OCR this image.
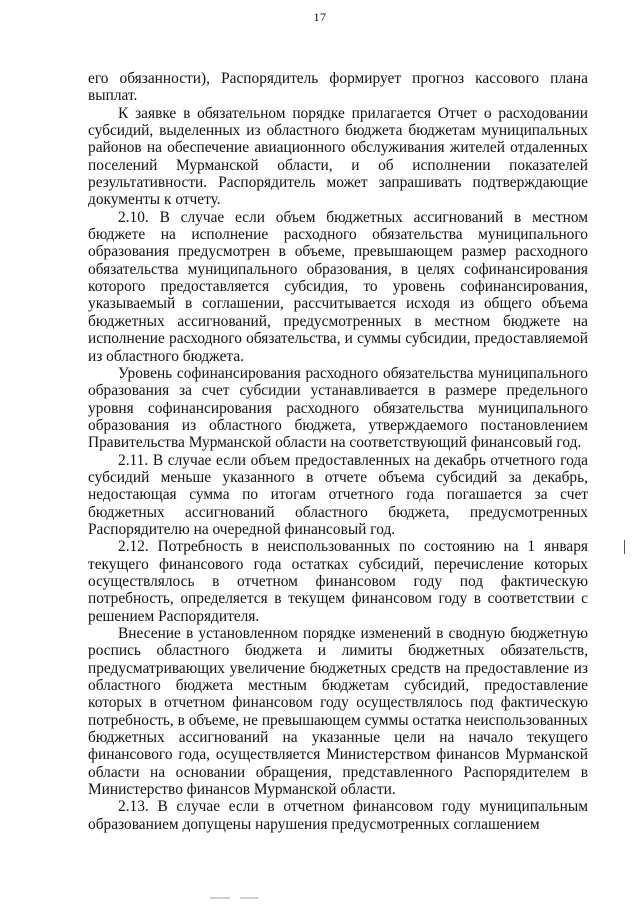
17

его обязанности), Распорядитель формирует прогноз кассового плана выплат.

К заявке в обязательном порядке прилагается Отчет о расходовании субсидий, выделенных из областного бюджета бюджетам муниципальных районов на обеспечение авиационного обслуживания жителей отдаленных поселений Мурманской области, и об исполнении показателей результативности. Распорядитель может запрашивать подтверждающие документы к отчету.

2.10. В случае если объем бюджетных ассигнований в местном бюджете на исполнение расходного обязательства муниципального образования предусмотрен в объеме, превышающем размер расходного обязательства муниципального образования, в целях софинансирования которого предоставляется субсидия, то уровень софинансирования, указываемый в соглашении, рассчитывается исходя из общего объема бюджетных ассигнований, предусмотренных в местном бюджете на исполнение расходного обязательства, и суммы субсидии, предоставляемой из областного бюджета.

Уровень софинансирования расходного обязательства муниципального образования за счет субсидии устанавливается в размере предельного уровня софинансирования расходного обязательства муниципального образования из областного бюджета, утверждаемого постановлением Правительства Мурманской области на соответствующий финансовый год.

2.11. В случае если объем предоставленных на декабрь отчетного года субсидий меньше указанного в отчете объема субсидий за декабрь, недостающая сумма по итогам отчетного года погашается за счет бюджетных ассигнований областного бюджета, предусмотренных Распорядителю на очередной финансовый год.

2.12. Потребность в неиспользованных по состоянию на 1 января текущего финансового года остатках субсидий, перечисление которых осуществлялось в отчетном финансовом году под фактическую потребность, определяется в текущем финансовом году в соответствии с решением Распорядителя.

Внесение в установленном порядке изменений в сводную бюджетную роспись областного бюджета и лимиты бюджетных обязательств, предусматривающих увеличение бюджетных средств на предоставление из областного бюджета местным бюджетам субсидий, предоставление которых в отчетном финансовом году осуществлялось под фактическую потребность, в объеме, не превышающем суммы остатка неиспользованных бюджетных ассигнований на указанные цели на начало текущего финансового года, осуществляется Министерством финансов Мурманской области на основании обращения, представленного Распорядителем в Министерство финансов Мурманской области.

2.13. В случае если в отчетном финансовом году муниципальным образованием допущены нарушения предусмотренных соглашением
